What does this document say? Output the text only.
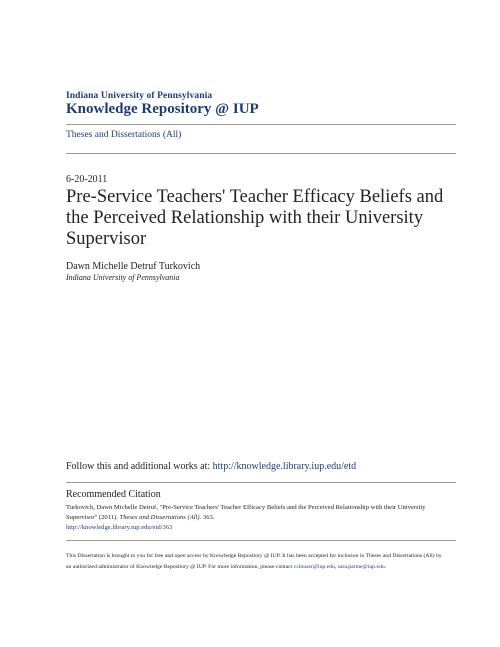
Indiana University of Pennsylvania
Knowledge Repository @ IUP
Theses and Dissertations (All)
6-20-2011
Pre-Service Teachers' Teacher Efficacy Beliefs and the Perceived Relationship with their University Supervisor
Dawn Michelle Detruf Turkovich
Indiana University of Pennsylvania
Follow this and additional works at: http://knowledge.library.iup.edu/etd
Recommended Citation
Turkovich, Dawn Michelle Detruf, "Pre-Service Teachers' Teacher Efficacy Beliefs and the Perceived Relationship with their University Supervisor" (2011). Theses and Dissertations (All). 363.
http://knowledge.library.iup.edu/etd/363
This Dissertation is brought to you for free and open access by Knowledge Repository @ IUP. It has been accepted for inclusion in Theses and Dissertations (All) by an authorized administrator of Knowledge Repository @ IUP. For more information, please contact cclouser@iup.edu, sara.parme@iup.edu.
